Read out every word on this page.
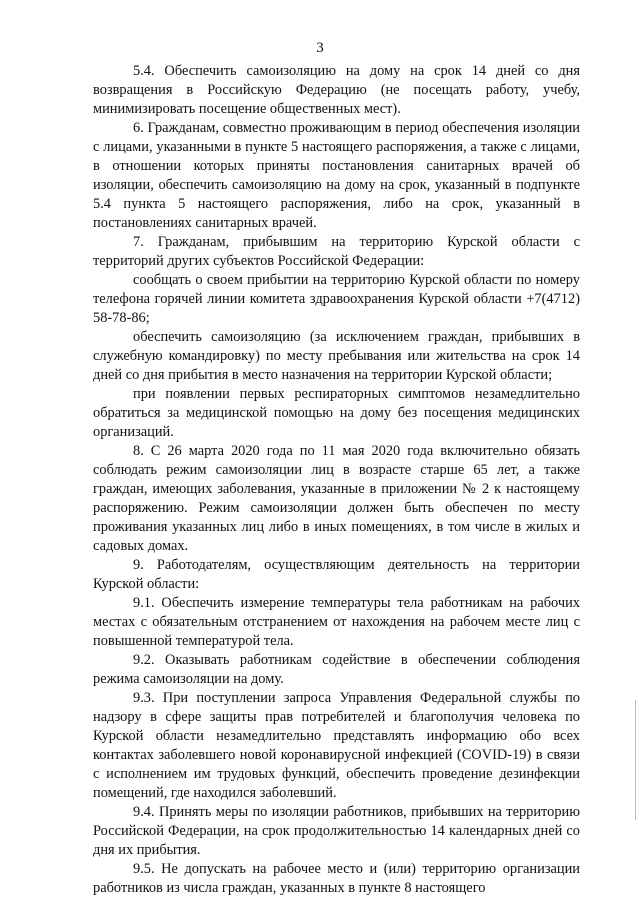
3

5.4. Обеспечить самоизоляцию на дому на срок 14 дней со дня возвращения в Российскую Федерацию (не посещать работу, учебу, минимизировать посещение общественных мест).

6. Гражданам, совместно проживающим в период обеспечения изоляции с лицами, указанными в пункте 5 настоящего распоряжения, а также с лицами, в отношении которых приняты постановления санитарных врачей об изоляции, обеспечить самоизоляцию на дому на срок, указанный в подпункте 5.4 пункта 5 настоящего распоряжения, либо на срок, указанный в постановлениях санитарных врачей.

7. Гражданам, прибывшим на территорию Курской области с территорий других субъектов Российской Федерации:

сообщать о своем прибытии на территорию Курской области по номеру телефона горячей линии комитета здравоохранения Курской области +7(4712) 58-78-86;

обеспечить самоизоляцию (за исключением граждан, прибывших в служебную командировку) по месту пребывания или жительства на срок 14 дней со дня прибытия в место назначения на территории Курской области;

при появлении первых респираторных симптомов незамедлительно обратиться за медицинской помощью на дому без посещения медицинских организаций.

8. С 26 марта 2020 года по 11 мая 2020 года включительно обязать соблюдать режим самоизоляции лиц в возрасте старше 65 лет, а также граждан, имеющих заболевания, указанные в приложении № 2 к настоящему распоряжению. Режим самоизоляции должен быть обеспечен по месту проживания указанных лиц либо в иных помещениях, в том числе в жилых и садовых домах.

9. Работодателям, осуществляющим деятельность на территории Курской области:

9.1. Обеспечить измерение температуры тела работникам на рабочих местах с обязательным отстранением от нахождения на рабочем месте лиц с повышенной температурой тела.

9.2. Оказывать работникам содействие в обеспечении соблюдения режима самоизоляции на дому.

9.3. При поступлении запроса Управления Федеральной службы по надзору в сфере защиты прав потребителей и благополучия человека по Курской области незамедлительно представлять информацию обо всех контактах заболевшего новой коронавирусной инфекцией (COVID-19) в связи с исполнением им трудовых функций, обеспечить проведение дезинфекции помещений, где находился заболевший.

9.4. Принять меры по изоляции работников, прибывших на территорию Российской Федерации, на срок продолжительностью 14 календарных дней со дня их прибытия.

9.5. Не допускать на рабочее место и (или) территорию организации работников из числа граждан, указанных в пункте 8 настоящего
